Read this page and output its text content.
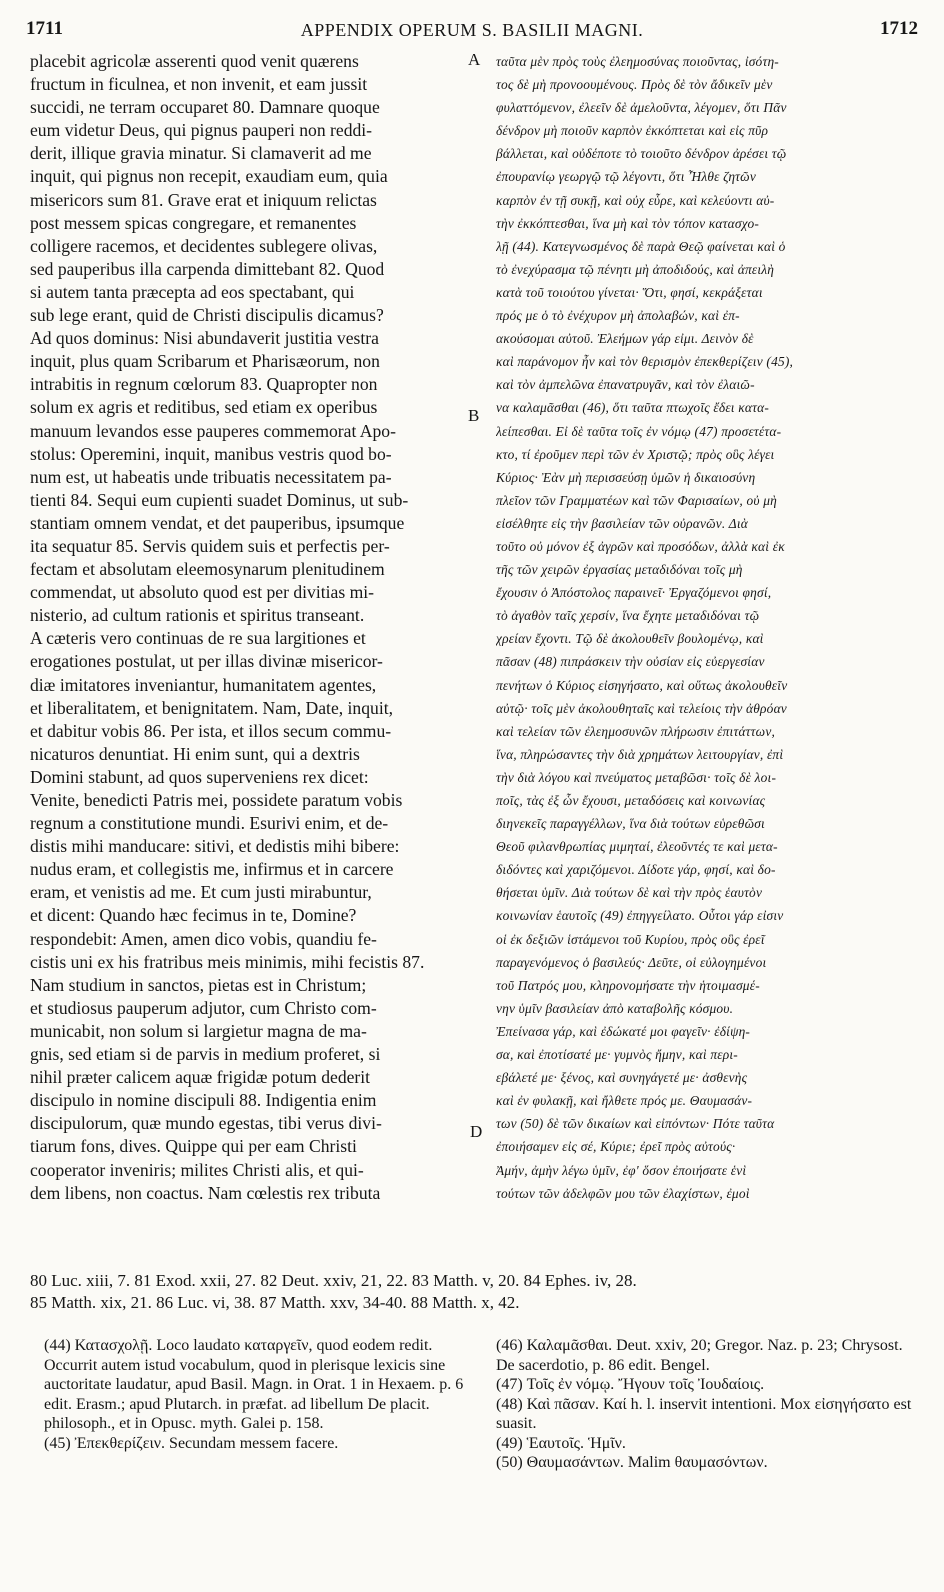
1711	APPENDIX OPERUM S. BASILII MAGNI.	1712

placebit agricolæ asserenti quod venit quærens
fructum in ficulnea, et non invenit, et eam jussit
succidi, ne terram occuparet 80. Damnare quoque
eum videtur Deus, qui pignus pauperi non reddi-
derit, illique gravia minatur. Si clamaverit ad me
inquit, qui pignus non recepit, exaudiam eum, quia
misericors sum 81. Grave erat et iniquum relictas
post messem spicas congregare, et remanentes
colligere racemos, et decidentes sublegere olivas,
sed pauperibus illa carpenda dimittebant 82. Quod
si autem tanta præcepta ad eos spectabant, qui
sub lege erant, quid de Christi discipulis dicamus?
Ad quos dominus: Nisi abundaverit justitia vestra
inquit, plus quam Scribarum et Pharisæorum, non
intrabitis in regnum cœlorum 83. Quapropter non
solum ex agris et reditibus, sed etiam ex operibus
manuum levandos esse pauperes commemorat Apo-
stolus: Operemini, inquit, manibus vestris quod bo-
num est, ut habeatis unde tribuatis necessitatem pa-
tienti 84. Sequi eum cupienti suadet Dominus, ut sub-
stantiam omnem vendat, et det pauperibus, ipsumque
ita sequatur 85. Servis quidem suis et perfectis per-
fectam et absolutam eleemosynarum plenitudinem
commendat, ut absoluto quod est per divitias mi-
nisterio, ad cultum rationis et spiritus transeant.
A cæteris vero continuas de re sua largitiones et
erogationes postulat, ut per illas divinæ misericor-
diæ imitatores inveniantur, humanitatem agentes,
et liberalitatem, et benignitatem. Nam, Date, inquit,
et dabitur vobis 86. Per ista, et illos secum commu-
nicaturos denuntiat. Hi enim sunt, qui a dextris
Domini stabunt, ad quos superveniens rex dicet:
Venite, benedicti Patris mei, possidete paratum vobis
regnum a constitutione mundi. Esurivi enim, et de-
distis mihi manducare: sitivi, et dedistis mihi bibere:
nudus eram, et collegistis me, infirmus et in carcere
eram, et venistis ad me. Et cum justi mirabuntur,
et dicent: Quando hæc fecimus in te, Domine?
respondebit: Amen, amen dico vobis, quandiu fe-
cistis uni ex his fratribus meis minimis, mihi fecistis 87.
Nam studium in sanctos, pietas est in Christum;
et studiosus pauperum adjutor, cum Christo com-
municabit, non solum si largietur magna de ma-
gnis, sed etiam si de parvis in medium proferet, si
nihil præter calicem aquæ frigidæ potum dederit
discipulo in nomine discipuli 88. Indigentia enim
discipulorum, quæ mundo egestas, tibi verus divi-
tiarum fons, dives. Quippe qui per eam Christi
cooperator inveniris; milites Christi alis, et qui-
dem libens, non coactus. Nam cœlestis rex tributa

A
B
D

ταῦτα μὲν πρὸς τοὺς ἐλεημοσύνας ποιοῦντας, ἰσότη-
τος δὲ μὴ προνοουμένους. Πρὸς δὲ τὸν ἄδικεῖν μὲν
φυλαττόμενον, ἐλεεῖν δὲ ἀμελοῦντα, λέγομεν, ὅτι Πᾶν
δένδρον μὴ ποιοῦν καρπὸν ἐκκόπτεται καὶ εἰς πῦρ
βάλλεται, καὶ οὐδέποτε τὸ τοιοῦτο δένδρον ἀρέσει τῷ
ἐπουρανίῳ γεωργῷ τῷ λέγοντι, ὅτι Ἦλθε ζητῶν
καρπὸν ἐν τῇ συκῇ, καὶ οὐχ εὗρε, καὶ κελεύοντι αὐ-
τὴν ἐκκόπτεσθαι, ἵνα μὴ καὶ τὸν τόπον κατασχο-
λῇ (44). Κατεγνωσμένος δὲ παρὰ Θεῷ φαίνεται καὶ ὁ
τὸ ἐνεχύρασμα τῷ πένητι μὴ ἀποδιδούς, καὶ ἀπειλὴ
κατὰ τοῦ τοιούτου γίνεται· Ὅτι, φησί, κεκράξεται
πρός με ὁ τὸ ἐνέχυρον μὴ ἀπολαβών, καὶ ἐπ-
ακούσομαι αὐτοῦ. Ἐλεήμων γάρ εἰμι. Δεινὸν δὲ
καὶ παράνομον ἦν καὶ τὸν θερισμὸν ἐπεκθερίζειν (45),
καὶ τὸν ἀμπελῶνα ἐπανατρυγᾶν, καὶ τὸν ἐλαιῶ-
να καλαμᾶσθαι (46), ὅτι ταῦτα πτωχοῖς ἔδει κατα-
λείπεσθαι. Εἰ δὲ ταῦτα τοῖς ἐν νόμῳ (47) προσετέτα-
κτο, τί ἐροῦμεν περὶ τῶν ἐν Χριστῷ; πρὸς οὓς λέγει
Κύριος· Ἐὰν μὴ περισσεύσῃ ὑμῶν ἡ δικαιοσύνη
πλεῖον τῶν Γραμματέων καὶ τῶν Φαρισαίων, οὐ μὴ
εἰσέλθητε εἰς τὴν βασιλείαν τῶν οὐρανῶν. Διὰ
τοῦτο οὐ μόνον ἐξ ἀγρῶν καὶ προσόδων, ἀλλὰ καὶ ἐκ
τῆς τῶν χειρῶν ἐργασίας μεταδιδόναι τοῖς μὴ
ἔχουσιν ὁ Ἀπόστολος παραινεῖ· Ἐργαζόμενοι φησί,
τὸ ἀγαθὸν ταῖς χερσίν, ἵνα ἔχητε μεταδιδόναι τῷ
χρείαν ἔχοντι. Τῷ δὲ ἀκολουθεῖν βουλομένῳ, καὶ
πᾶσαν (48) πιπράσκειν τὴν οὐσίαν εἰς εὐεργεσίαν
πενήτων ὁ Κύριος εἰσηγήσατο, καὶ οὕτως ἀκολουθεῖν
αὐτῷ· τοῖς μὲν ἀκολουθηταῖς καὶ τελείοις τὴν ἀθρόαν
καὶ τελείαν τῶν ἐλεημοσυνῶν πλήρωσιν ἐπιτάττων,
ἵνα, πληρώσαντες τὴν διὰ χρημάτων λειτουργίαν, ἐπὶ
τὴν διὰ λόγου καὶ πνεύματος μεταβῶσι· τοῖς δὲ λοι-
ποῖς, τὰς ἐξ ὧν ἔχουσι, μεταδόσεις καὶ κοινωνίας
διηνεκεῖς παραγγέλλων, ἵνα διὰ τούτων εὑρεθῶσι
Θεοῦ φιλανθρωπίας μιμηταί, ἐλεοῦντές τε καὶ μετα-
διδόντες καὶ χαριζόμενοι. Δίδοτε γάρ, φησί, καὶ δο-
θήσεται ὑμῖν. Διὰ τούτων δὲ καὶ τὴν πρὸς ἑαυτὸν
κοινωνίαν ἑαυτοῖς (49) ἐπηγγείλατο. Οὗτοι γάρ εἰσιν
οἱ ἐκ δεξιῶν ἱστάμενοι τοῦ Κυρίου, πρὸς οὓς ἐρεῖ
παραγενόμενος ὁ βασιλεύς· Δεῦτε, οἱ εὐλογημένοι
τοῦ Πατρός μου, κληρονομήσατε τὴν ἡτοιμασμέ-
νην ὑμῖν βασιλείαν ἀπὸ καταβολῆς κόσμου.
Ἐπείνασα γάρ, καὶ ἐδώκατέ μοι φαγεῖν· ἐδίψη-
σα, καὶ ἐποτίσατέ με· γυμνὸς ἤμην, καὶ περι-
εβάλετέ με· ξένος, καὶ συνηγάγετέ με· ἀσθενὴς
καὶ ἐν φυλακῇ, καὶ ἤλθετε πρός με. Θαυμασάν-
των (50) δὲ τῶν δικαίων καὶ εἰπόντων· Πότε ταῦτα
ἐποιήσαμεν εἰς σέ, Κύριε; ἐρεῖ πρὸς αὐτούς·
Ἀμήν, ἀμὴν λέγω ὑμῖν, ἐφ' ὅσον ἐποιήσατε ἑνὶ
τούτων τῶν ἀδελφῶν μου τῶν ἐλαχίστων, ἐμοὶ

80 Luc. xiii, 7. 81 Exod. xxii, 27. 82 Deut. xxiv, 21, 22. 83 Matth. v, 20. 84 Ephes. iv, 28.
85 Matth. xix, 21. 86 Luc. vi, 38. 87 Matth. xxv, 34-40. 88 Matth. x, 42.

(44) Κατασχολῇ. Loco laudato καταργεῖν, quod eodem redit. Occurrit autem istud vocabulum, quod in plerisque lexicis sine auctoritate laudatur, apud Basil. Magn. in Orat. 1 in Hexaem. p. 6 edit. Erasm.; apud Plutarch. in præfat. ad libellum De placit. philosoph., et in Opusc. myth. Galei p. 158.
(45) Ἐπεκθερίζειν. Secundam messem facere.

(46) Καλαμᾶσθαι. Deut. xxiv, 20; Gregor. Naz. p. 23; Chrysost. De sacerdotio, p. 86 edit. Bengel.
(47) Τοῖς ἐν νόμῳ. Ἤγουν τοῖς Ἰουδαίοις.
(48) Καὶ πᾶσαν. Καί h. l. inservit intentioni. Mox εἰσηγήσατο est suasit.
(49) Ἑαυτοῖς. Ἡμῖν.
(50) Θαυμασάντων. Malim θαυμασόντων.
